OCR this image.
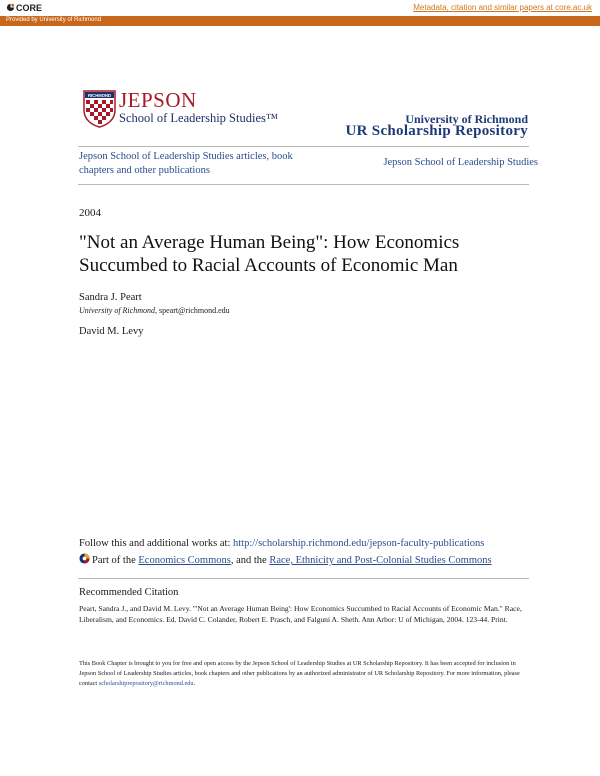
CORE	Metadata, citation and similar papers at core.ac.uk
Provided by University of Richmond
RICHMOND JEPSON
School of Leadership Studies™	University of Richmond
UR Scholarship Repository
Jepson School of Leadership Studies articles, book chapters and other publications
Jepson School of Leadership Studies
2004
"Not an Average Human Being": How Economics Succumbed to Racial Accounts of Economic Man
Sandra J. Peart
University of Richmond, speart@richmond.edu
David M. Levy
Follow this and additional works at: http://scholarship.richmond.edu/jepson-faculty-publications
Part of the Economics Commons, and the Race, Ethnicity and Post-Colonial Studies Commons
Recommended Citation
Peart, Sandra J., and David M. Levy. "'Not an Average Human Being': How Economics Succumbed to Racial Accounts of Economic Man." Race, Liberalism, and Economics. Ed. David C. Colander, Robert E. Prasch, and Falguni A. Sheth. Ann Arbor: U of Michigan, 2004. 123-44. Print.
This Book Chapter is brought to you for free and open access by the Jepson School of Leadership Studies at UR Scholarship Repository. It has been accepted for inclusion in Jepson School of Leadership Studies articles, book chapters and other publications by an authorized administrator of UR Scholarship Repository. For more information, please contact scholarshiprepository@richmond.edu.
